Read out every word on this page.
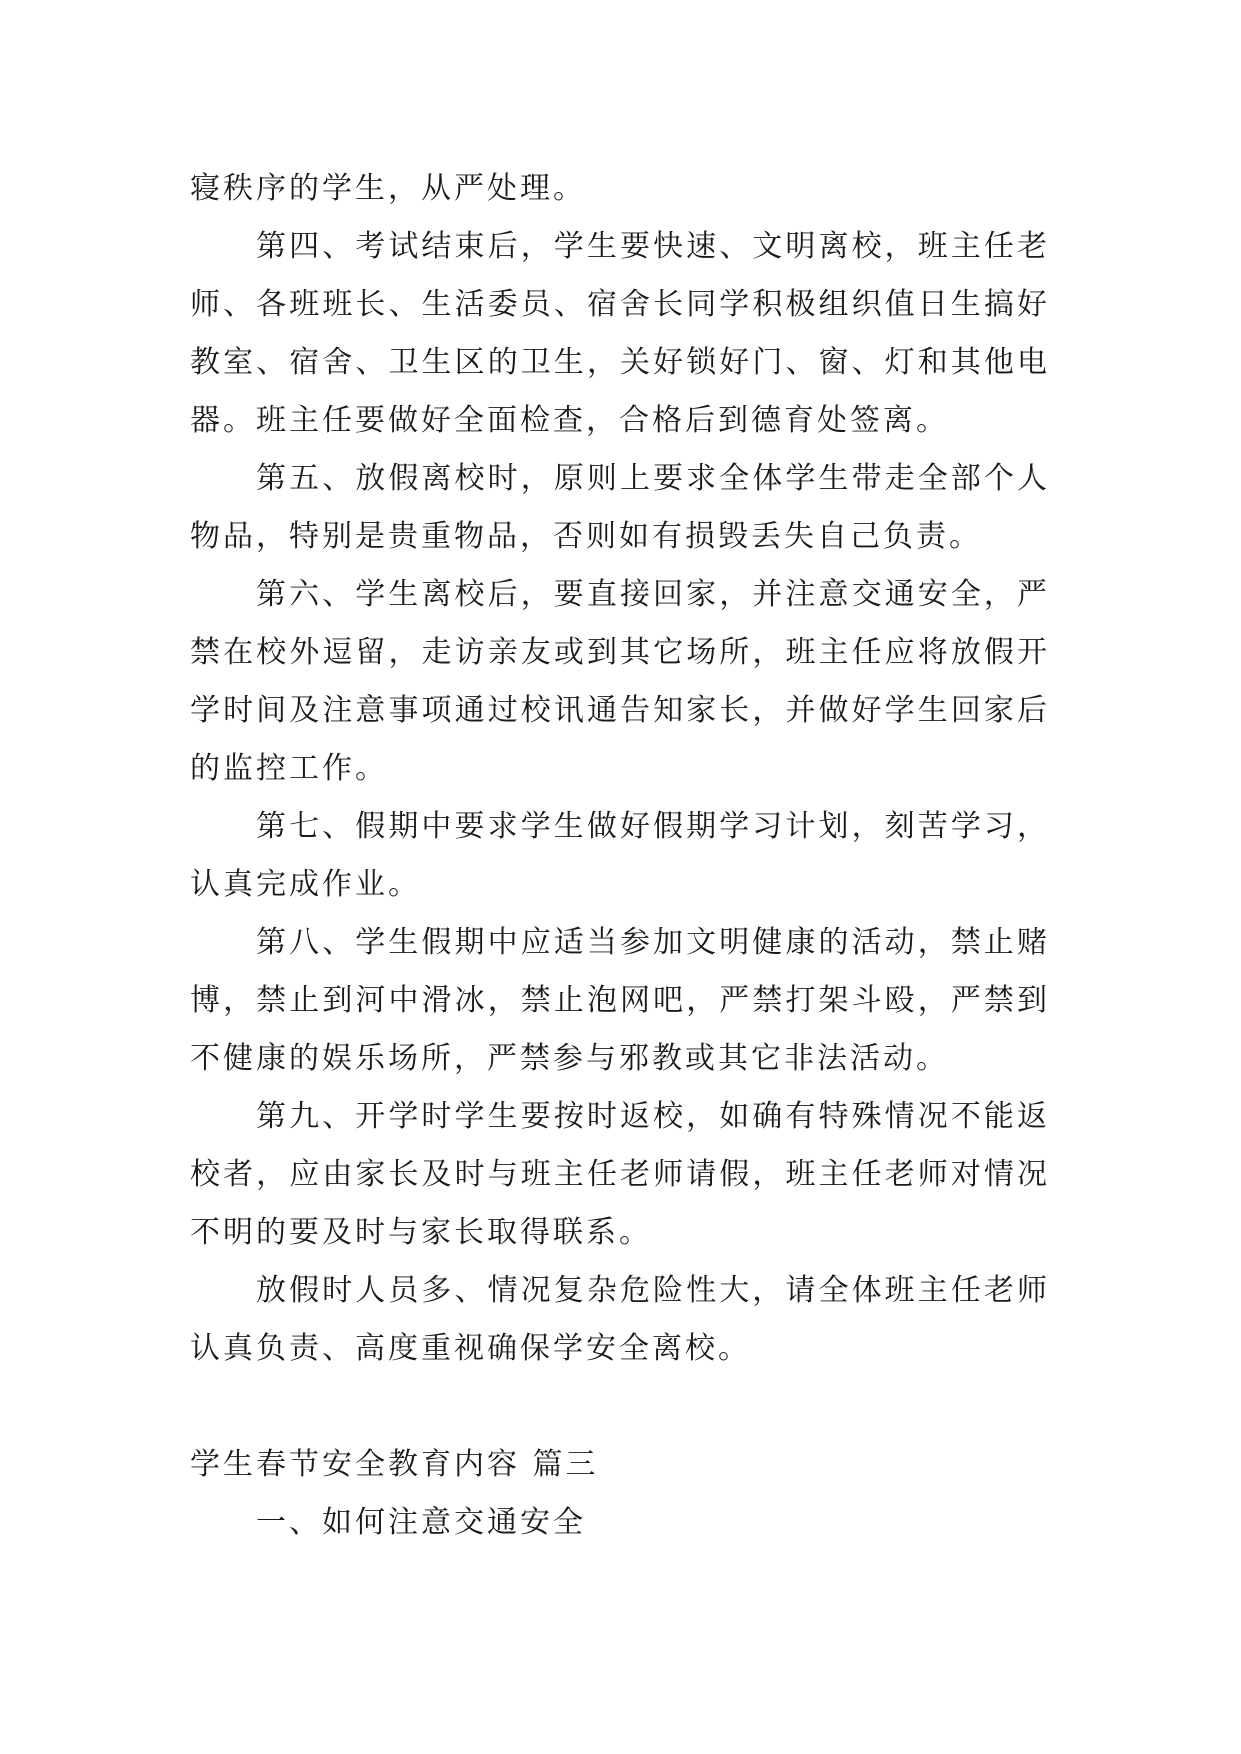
寝秩序的学生，从严处理。

第四、考试结束后，学生要快速、文明离校，班主任老师、各班班长、生活委员、宿舍长同学积极组织值日生搞好教室、宿舍、卫生区的卫生，关好锁好门、窗、灯和其他电器。班主任要做好全面检查，合格后到德育处签离。

第五、放假离校时，原则上要求全体学生带走全部个人物品，特别是贵重物品，否则如有损毁丢失自己负责。

第六、学生离校后，要直接回家，并注意交通安全，严禁在校外逗留，走访亲友或到其它场所，班主任应将放假开学时间及注意事项通过校讯通告知家长，并做好学生回家后的监控工作。

第七、假期中要求学生做好假期学习计划，刻苦学习，认真完成作业。

第八、学生假期中应适当参加文明健康的活动，禁止赌博，禁止到河中滑冰，禁止泡网吧，严禁打架斗殴，严禁到不健康的娱乐场所，严禁参与邪教或其它非法活动。

第九、开学时学生要按时返校，如确有特殊情况不能返校者，应由家长及时与班主任老师请假，班主任老师对情况不明的要及时与家长取得联系。

放假时人员多、情况复杂危险性大，请全体班主任老师认真负责、高度重视确保学安全离校。

学生春节安全教育内容 篇三

一、如何注意交通安全
